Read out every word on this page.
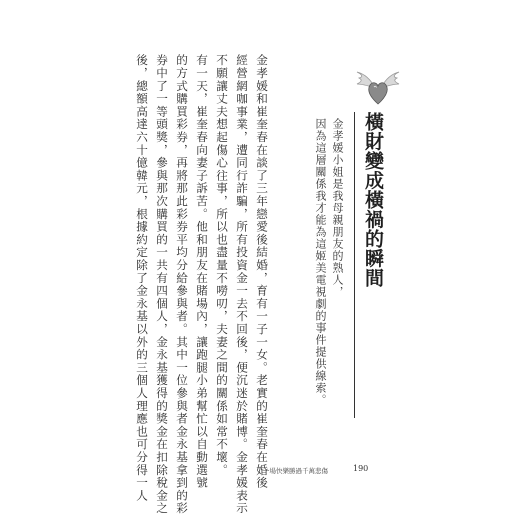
橫財變成橫禍的瞬間
金孝媛小姐是我母親朋友的熟人，
因為這層關係我才能為這姬美電視劇的事件提供線索。
金孝媛和崔奎春在談了三年戀愛後結婚，育有一子一女。老實的崔奎春在婚後
經營網咖事業，遭同行詐騙，所有投資金一去不回後，便沉迷於賭博。金孝媛表示
不願讓丈夫想起傷心往事，所以也盡量不嘮叨，夫妻之間的關係如常不壞。
有一天，崔奎春向妻子訴苦。他和朋友在賭場內，讓跑腿小弟幫忙以自動選號
的方式購買彩券，再將那此彩券平均分給參與者。其中一位參與者金永基拿到的彩
券中了一等頭獎，參與那次購買的一共有四個人，金永基獲得的獎金在扣除稅金之
後，總額高達六十億韓元，根據約定除了金永基以外的三個人理應也可分得一人	一場快樂勝過千萬悲傷	190
